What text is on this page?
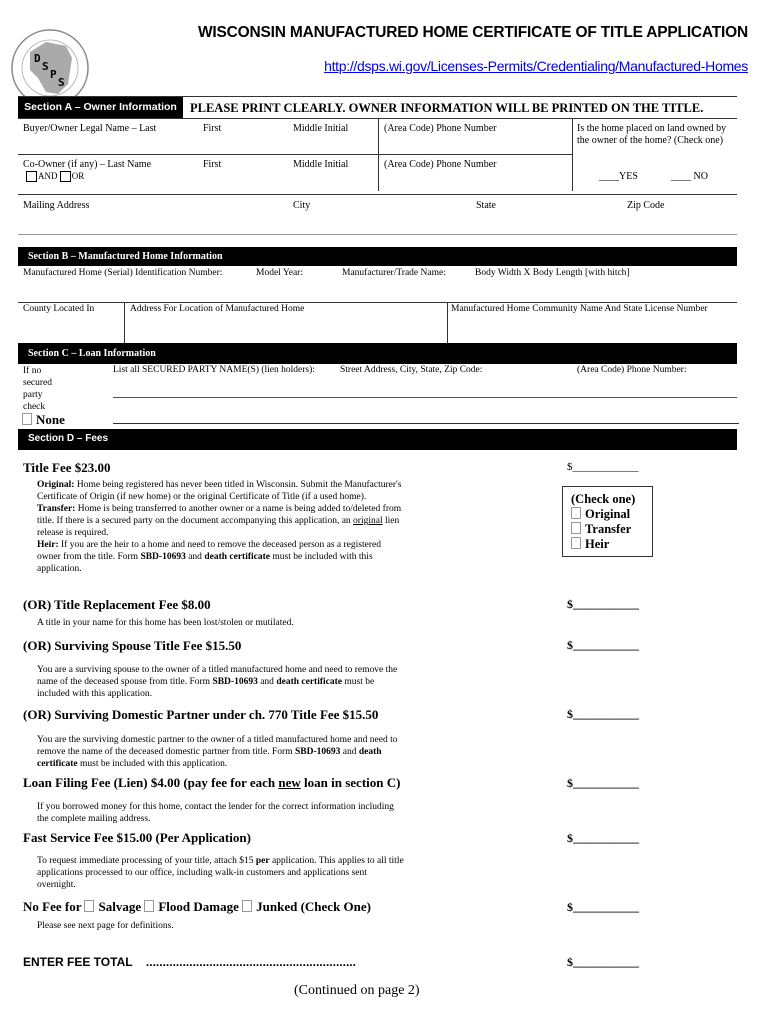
D
S
P
S
WISCONSIN MANUFACTURED HOME CERTIFICATE OF TITLE APPLICATION
http://dsps.wi.gov/Licenses-Permits/Credentialing/Manufactured-Homes
Section A – Owner Information	PLEASE PRINT CLEARLY. OWNER INFORMATION WILL BE PRINTED ON THE TITLE.
Buyer/Owner Legal Name – Last	First	Middle Initial	(Area Code) Phone Number	Is the home placed on land owned by the owner of the home? (Check one)
Co-Owner (if any) – Last Name	First	Middle Initial	(Area Code) Phone Number
AND OR	____YES	____ NO
Mailing Address	City	State	Zip Code
Section B – Manufactured Home Information
Manufactured Home (Serial) Identification Number:	Model Year:	Manufacturer/Trade Name:	Body Width X Body Length [with hitch]
County Located In	Address For Location of Manufactured Home	Manufactured Home Community Name And State License Number
Section C – Loan Information
If no
secured
party
check
None
List all SECURED PARTY NAME(S) (lien holders):	Street Address, City, State, Zip Code:	(Area Code) Phone Number:
Section D – Fees
Title Fee $23.00	$____________
Original: Home being registered has never been titled in Wisconsin. Submit the Manufacturer's Certificate of Origin (if new home) or the original Certificate of Title (if a used home).
Transfer: Home is being transferred to another owner or a name is being added to/deleted from title. If there is a secured party on the document accompanying this application, an original lien release is required.
Heir: If you are the heir to a home and need to remove the deceased person as a registered owner from the title. Form SBD-10693 and death certificate must be included with this application.
(Check one)
Original
Transfer
Heir
(OR) Title Replacement Fee $8.00	$___________
A title in your name for this home has been lost/stolen or mutilated.
(OR) Surviving Spouse Title Fee $15.50	$___________
You are a surviving spouse to the owner of a titled manufactured home and need to remove the name of the deceased spouse from title. Form SBD-10693 and death certificate must be included with this application.
(OR) Surviving Domestic Partner under ch. 770 Title Fee $15.50	$___________
You are the surviving domestic partner to the owner of a titled manufactured home and need to remove the name of the deceased domestic partner from title. Form SBD-10693 and death certificate must be included with this application.
Loan Filing Fee (Lien) $4.00 (pay fee for each new loan in section C)	$___________
If you borrowed money for this home, contact the lender for the correct information including the complete mailing address.
Fast Service Fee $15.00 (Per Application)	$___________
To request immediate processing of your title, attach $15 per application. This applies to all title applications processed to our office, including walk-in customers and applications sent overnight.
No Fee for Salvage Flood Damage Junked (Check One)	$___________
Please see next page for definitions.
ENTER FEE TOTAL ...............................................................	$___________
(Continued on page 2)
